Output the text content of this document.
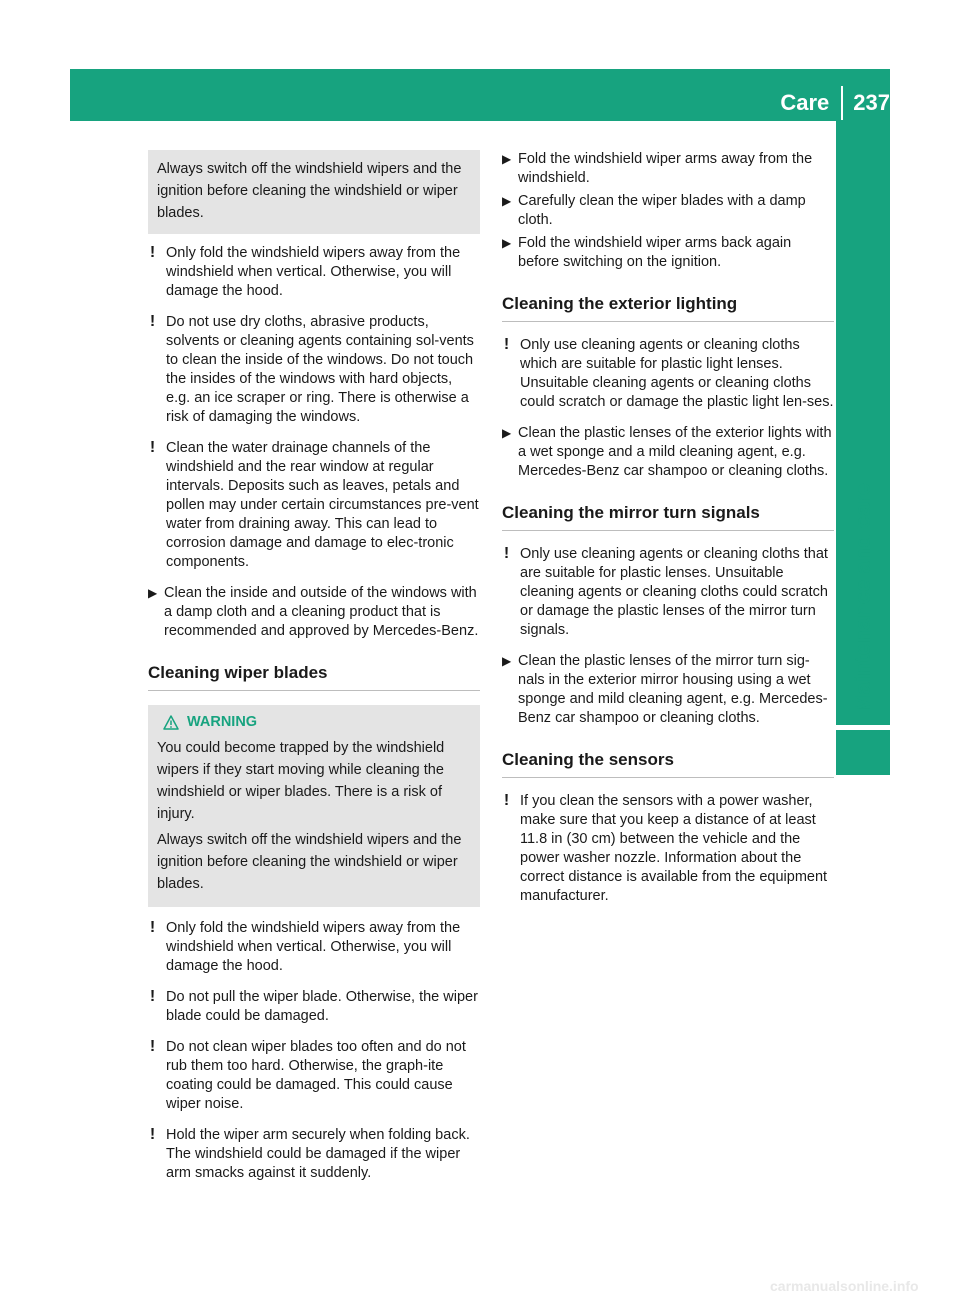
Care 237
Maintenance and care

Always switch off the windshield wipers and the ignition before cleaning the windshield or wiper blades.

! Only fold the windshield wipers away from the windshield when vertical. Otherwise, you will damage the hood.
! Do not use dry cloths, abrasive products, solvents or cleaning agents containing sol-vents to clean the inside of the windows. Do not touch the insides of the windows with hard objects, e.g. an ice scraper or ring. There is otherwise a risk of damaging the windows.
! Clean the water drainage channels of the windshield and the rear window at regular intervals. Deposits such as leaves, petals and pollen may under certain circumstances pre-vent water from draining away. This can lead to corrosion damage and damage to elec-tronic components.
▶ Clean the inside and outside of the windows with a damp cloth and a cleaning product that is recommended and approved by Mercedes-Benz.
Cleaning wiper blades
WARNING

You could become trapped by the windshield wipers if they start moving while cleaning the windshield or wiper blades. There is a risk of injury.

Always switch off the windshield wipers and the ignition before cleaning the windshield or wiper blades.

! Only fold the windshield wipers away from the windshield when vertical. Otherwise, you will damage the hood.
! Do not pull the wiper blade. Otherwise, the wiper blade could be damaged.
! Do not clean wiper blades too often and do not rub them too hard. Otherwise, the graph-ite coating could be damaged. This could cause wiper noise.
! Hold the wiper arm securely when folding back. The windshield could be damaged if the wiper arm smacks against it suddenly.
▶ Fold the windshield wiper arms away from the windshield.
▶ Carefully clean the wiper blades with a damp cloth.
▶ Fold the windshield wiper arms back again before switching on the ignition.
Cleaning the exterior lighting
! Only use cleaning agents or cleaning cloths which are suitable for plastic light lenses. Unsuitable cleaning agents or cleaning cloths could scratch or damage the plastic light len-ses.
▶ Clean the plastic lenses of the exterior lights with a wet sponge and a mild cleaning agent, e.g. Mercedes-Benz car shampoo or cleaning cloths.
Cleaning the mirror turn signals
! Only use cleaning agents or cleaning cloths that are suitable for plastic lenses. Unsuitable cleaning agents or cleaning cloths could scratch or damage the plastic lenses of the mirror turn signals.
▶ Clean the plastic lenses of the mirror turn sig-nals in the exterior mirror housing using a wet sponge and mild cleaning agent, e.g. Mercedes-Benz car shampoo or cleaning cloths.
Cleaning the sensors
! If you clean the sensors with a power washer, make sure that you keep a distance of at least 11.8 in (30 cm) between the vehicle and the power washer nozzle. Information about the correct distance is available from the equipment manufacturer.
carmanualsonline.info
